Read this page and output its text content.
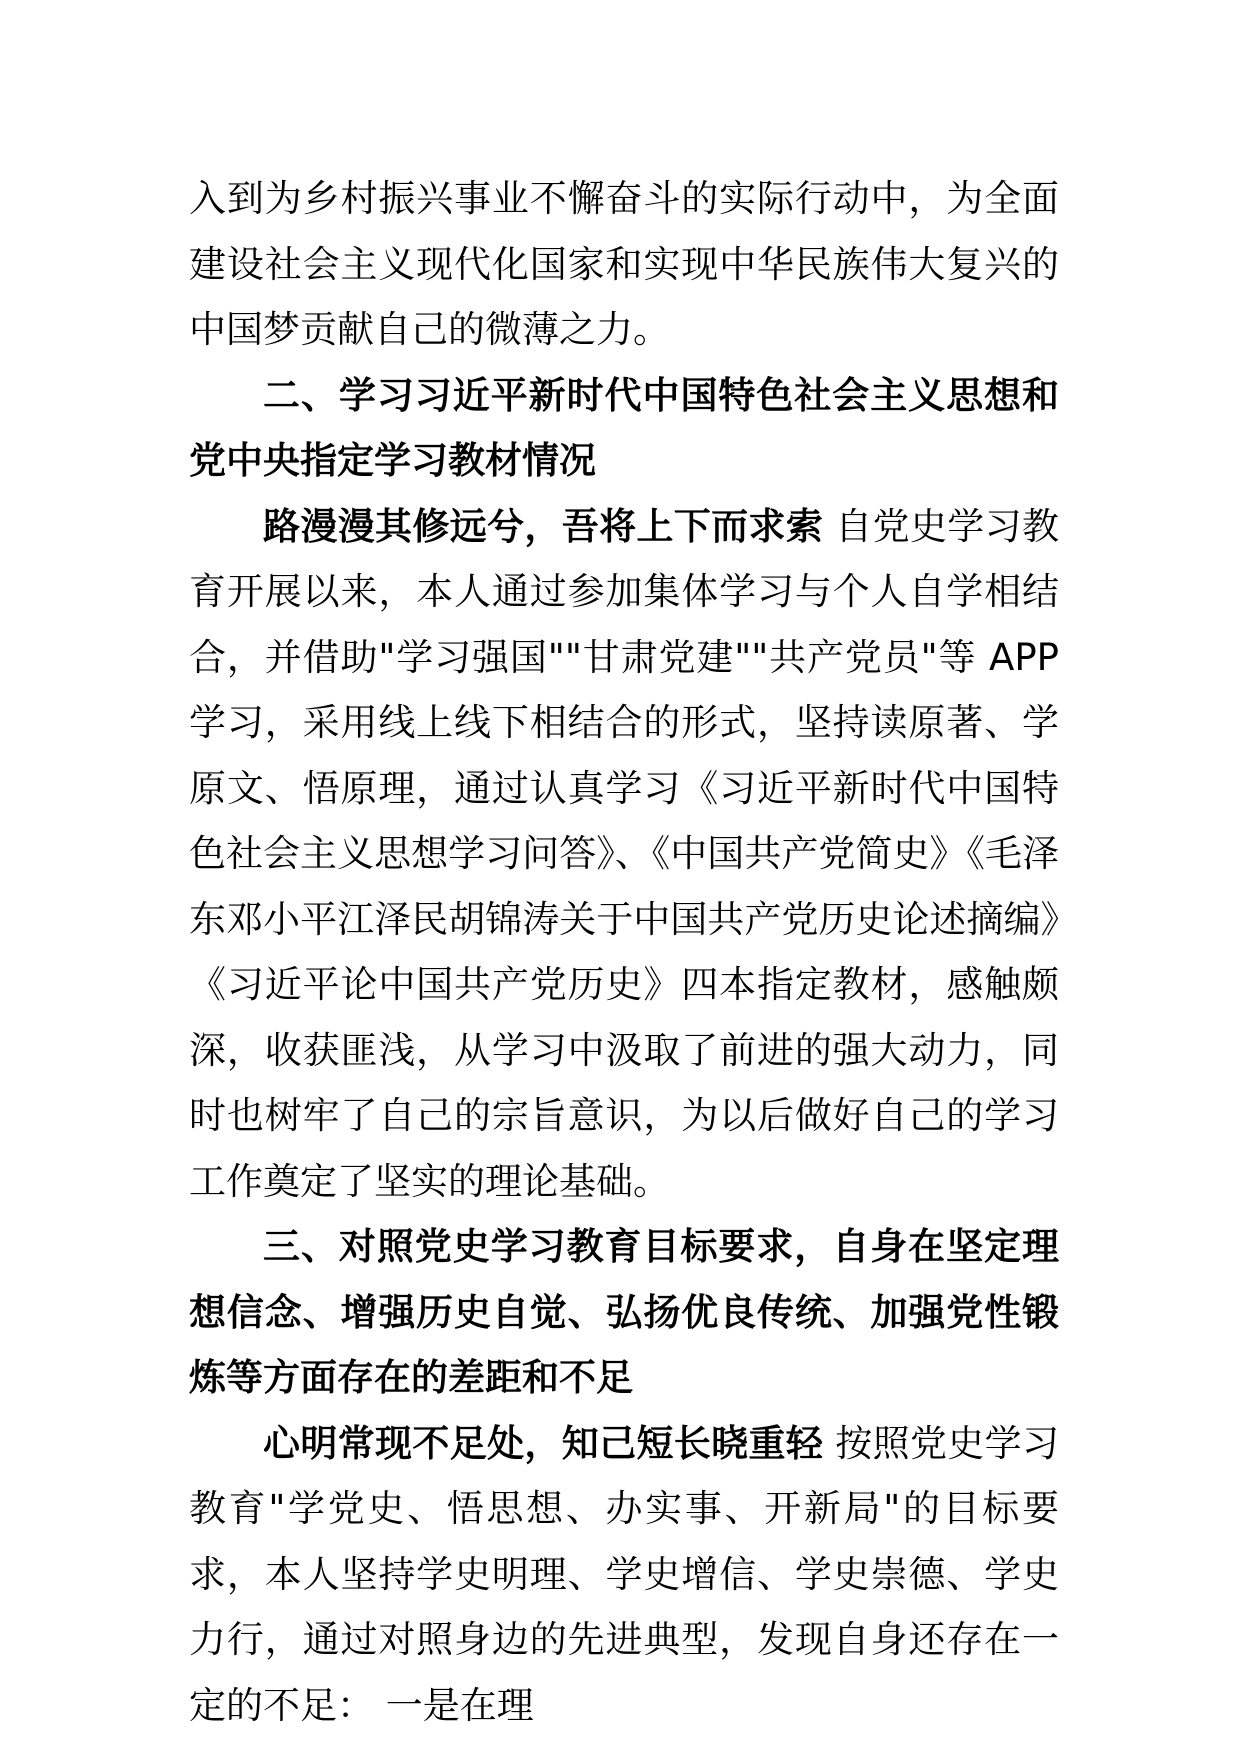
入到为乡村振兴事业不懈奋斗的实际行动中，为全面建设社会主义现代化国家和实现中华民族伟大复兴的中国梦贡献自己的微薄之力。

二、学习习近平新时代中国特色社会主义思想和党中央指定学习教材情况

路漫漫其修远兮，吾将上下而求索 自党史学习教育开展以来，本人通过参加集体学习与个人自学相结合，并借助"学习强国""甘肃党建""共产党员"等 APP 学习，采用线上线下相结合的形式，坚持读原著、学原文、悟原理，通过认真学习《习近平新时代中国特色社会主义思想学习问答》、《中国共产党简史》《毛泽东邓小平江泽民胡锦涛关于中国共产党历史论述摘编》《习近平论中国共产党历史》四本指定教材，感触颇深，收获匪浅，从学习中汲取了前进的强大动力，同时也树牢了自己的宗旨意识，为以后做好自己的学习工作奠定了坚实的理论基础。

三、对照党史学习教育目标要求，自身在坚定理想信念、增强历史自觉、弘扬优良传统、加强党性锻炼等方面存在的差距和不足

心明常现不足处，知己短长晓重轻 按照党史学习教育"学党史、悟思想、办实事、开新局"的目标要求，本人坚持学史明理、学史增信、学史崇德、学史力行，通过对照身边的先进典型，发现自身还存在一定的不足： 一是在理
